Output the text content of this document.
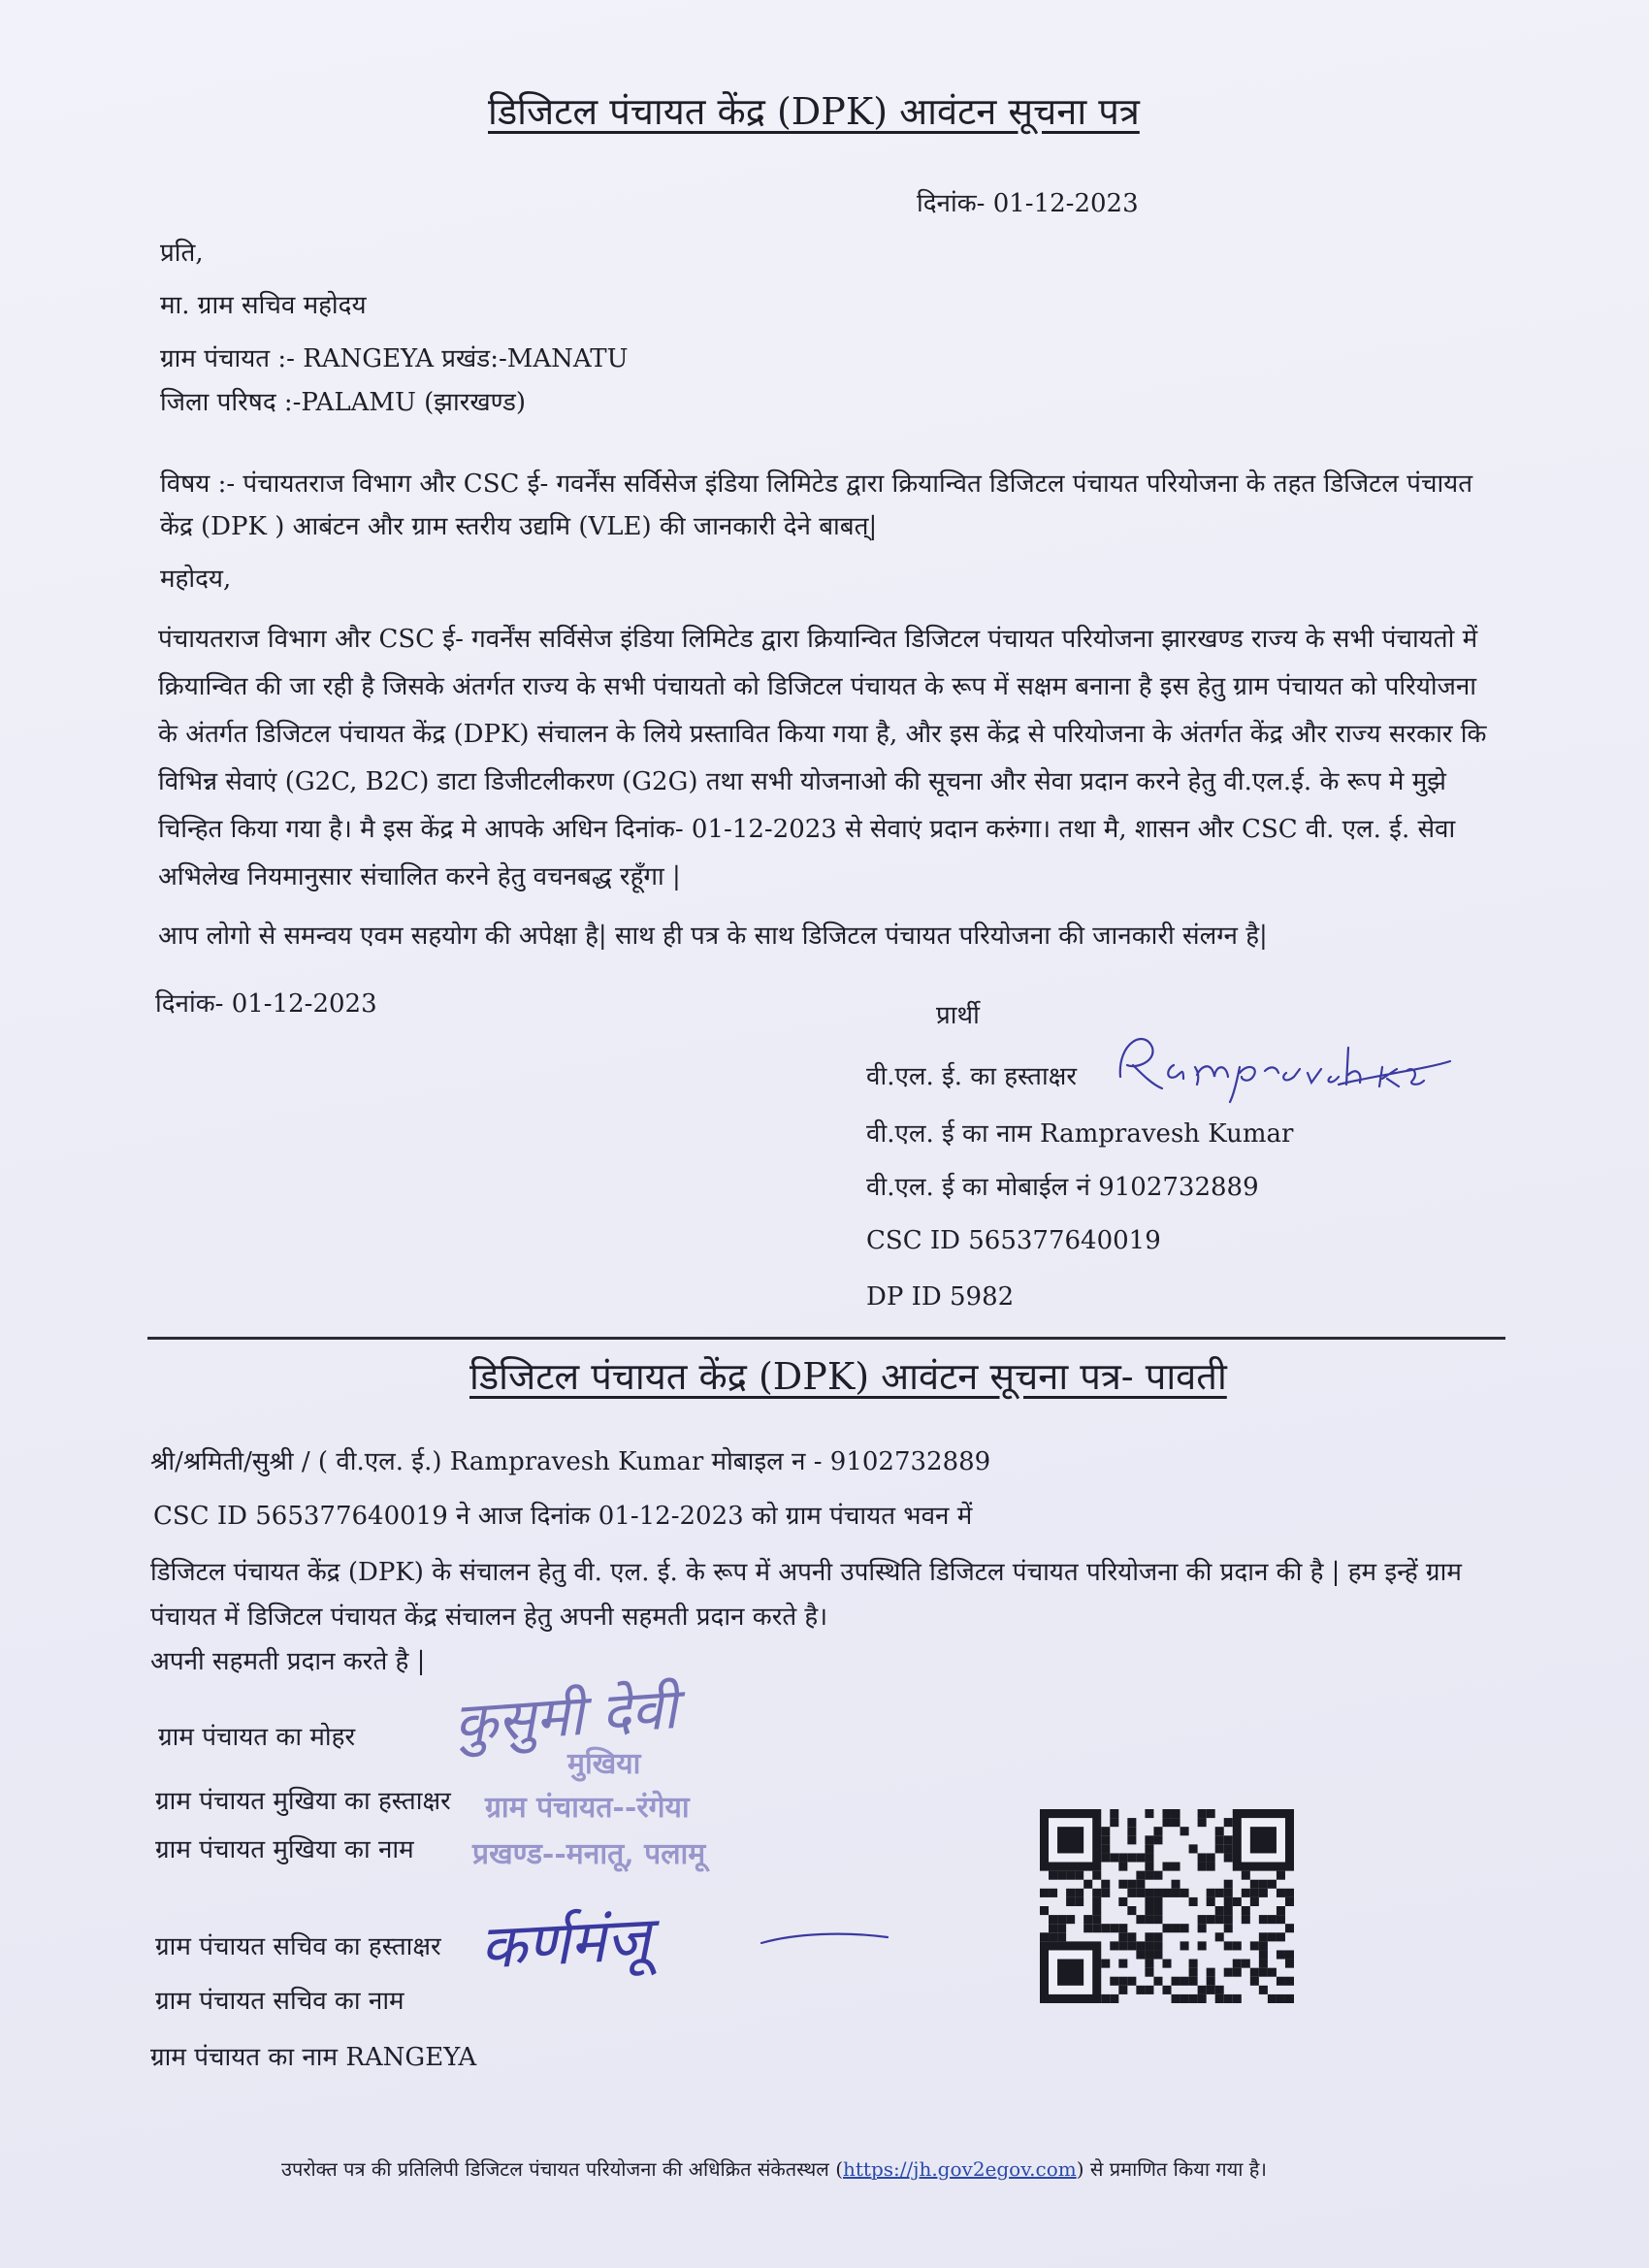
डिजिटल पंचायत केंद्र (DPK) आवंटन सूचना पत्र
दिनांक- 01-12-2023
प्रति,
मा. ग्राम सचिव महोदय
ग्राम पंचायत :- RANGEYA प्रखंड:-MANATU
जिला परिषद :-PALAMU (झारखण्ड)
विषय :- पंचायतराज विभाग और CSC ई- गवर्नेंस सर्विसेज इंडिया लिमिटेड द्वारा क्रियान्वित डिजिटल पंचायत परियोजना के तहत डिजिटल पंचायत केंद्र (DPK ) आबंटन और ग्राम स्तरीय उद्यमि (VLE) की जानकारी देने बाबत्|
महोदय,
पंचायतराज विभाग और CSC ई- गवर्नेंस सर्विसेज इंडिया लिमिटेड द्वारा क्रियान्वित डिजिटल पंचायत परियोजना झारखण्ड राज्य के सभी पंचायतो में क्रियान्वित की जा रही है जिसके अंतर्गत राज्य के सभी पंचायतो को डिजिटल पंचायत के रूप में सक्षम बनाना है इस हेतु ग्राम पंचायत को परियोजना के अंतर्गत डिजिटल पंचायत केंद्र (DPK) संचालन के लिये प्रस्तावित किया गया है, और इस केंद्र से परियोजना के अंतर्गत केंद्र और राज्य सरकार कि विभिन्न सेवाएं (G2C, B2C) डाटा डिजीटलीकरण (G2G) तथा सभी योजनाओ की सूचना और सेवा प्रदान करने हेतु वी.एल.ई. के रूप मे मुझे चिन्हित किया गया है। मै इस केंद्र मे आपके अधिन दिनांक- 01-12-2023 से सेवाएं प्रदान करुंगा। तथा मै, शासन और CSC वी. एल. ई. सेवा अभिलेख नियमानुसार संचालित करने हेतु वचनबद्ध रहूँगा |
आप लोगो से समन्वय एवम सहयोग की अपेक्षा है| साथ ही पत्र के साथ डिजिटल पंचायत परियोजना की जानकारी संलग्न है|
दिनांक- 01-12-2023	प्रार्थी
वी.एल. ई. का हस्ताक्षर
वी.एल. ई का नाम Rampravesh Kumar
वी.एल. ई का मोबाईल नं 9102732889
CSC ID 565377640019
DP ID 5982
डिजिटल पंचायत केंद्र (DPK) आवंटन सूचना पत्र- पावती
श्री/श्रमिती/सुश्री / ( वी.एल. ई.) Rampravesh Kumar मोबाइल न - 9102732889
CSC ID 565377640019 ने आज दिनांक 01-12-2023 को ग्राम पंचायत भवन में
डिजिटल पंचायत केंद्र (DPK) के संचालन हेतु वी. एल. ई. के रूप में अपनी उपस्थिति डिजिटल पंचायत परियोजना की प्रदान की है | हम इन्हें ग्राम पंचायत में डिजिटल पंचायत केंद्र संचालन हेतु अपनी सहमती प्रदान करते है।
अपनी सहमती प्रदान करते है |
ग्राम पंचायत का मोहर
ग्राम पंचायत मुखिया का हस्ताक्षर
ग्राम पंचायत मुखिया का नाम
ग्राम पंचायत सचिव का हस्ताक्षर
ग्राम पंचायत सचिव का नाम
ग्राम पंचायत का नाम RANGEYA
कुसुमी देवी
मुखिया
ग्राम पंचायत--रंगेया
प्रखण्ड--मनातू, पलामू
कर्णमंजू
उपरोक्त पत्र की प्रतिलिपी डिजिटल पंचायत परियोजना की अधिक्रित संकेतस्थल (https://jh.gov2egov.com) से प्रमाणित किया गया है।
